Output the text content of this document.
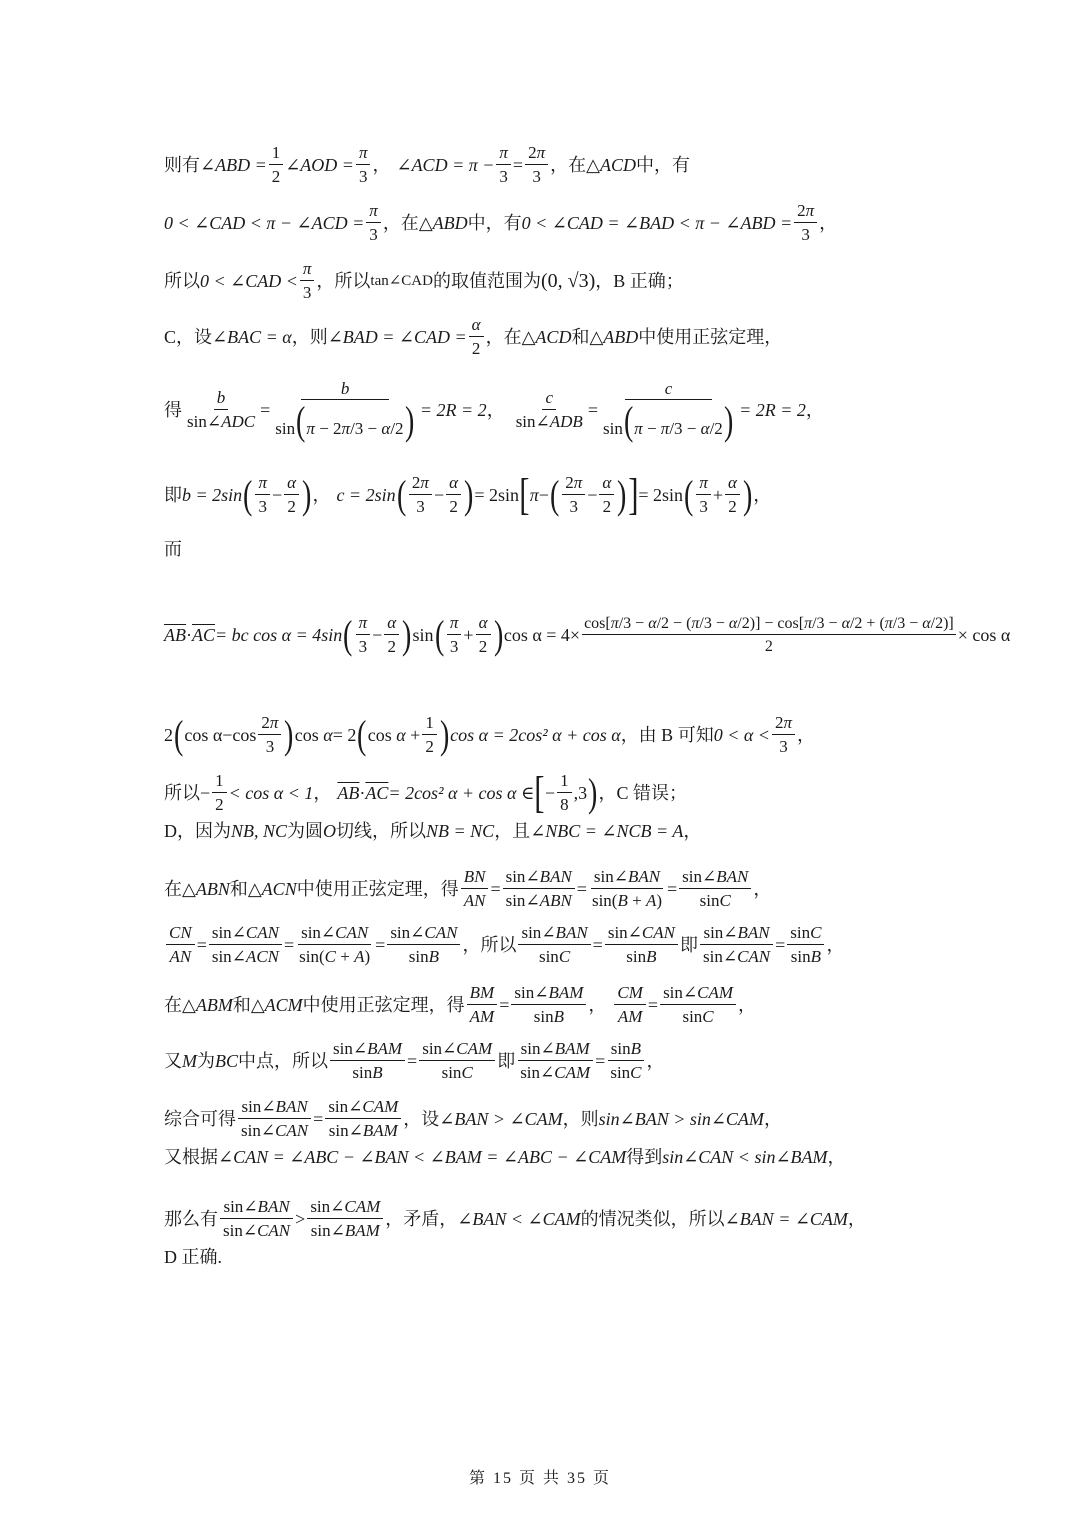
则有 ∠ABD = $\frac{1}{2}$ ∠AOD = $\frac{\pi}{3}$ ， ∠ACD = $\pi - \frac{\pi}{3} = \frac{2\pi}{3}$ ，在 △ACD 中，有
0 < ∠CAD < π − ∠ACD = $\frac{\pi}{3}$ ，在 △ABD 中，有 0 < ∠CAD = ∠BAD < π − ∠ABD = $\frac{2\pi}{3}$ ，
所以 0 < ∠CAD < $\frac{\pi}{3}$ ，所以 tan∠CAD 的取值范围为 (0, √3) ，B 正确；
C，设 ∠BAC = α ，则 ∠BAD = ∠CAD = $\frac{\alpha}{2}$ ，在 △ACD 和 △ABD 中使用正弦定理，
得 $\frac{b}{\text{sin∠ADC}} = \frac{b}{\sin(\pi - 2\pi/3 - \alpha/2)} = 2R = 2$ ， $\frac{c}{\text{sin∠ADB}} = \frac{c}{\sin(\pi - \pi/3 - \alpha/2)} = 2R = 2$ ，
即 b = 2sin ( $\frac{\pi}{3} - \frac{\alpha}{2}$ ) ， c = 2sin ( $\frac{2\pi}{3} - \frac{\alpha}{2}$ ) = 2sin [ π − ( $\frac{2\pi}{3} - \frac{\alpha}{2}$ ) ] = 2sin ( $\frac{\pi}{3} + \frac{\alpha}{2}$ ) ，
而
$\overline{AB} \cdot \overline{AC}$ = bc cos α = 4sin ( $\frac{\pi}{3} - \frac{\alpha}{2}$ ) sin ( $\frac{\pi}{3} + \frac{\alpha}{2}$ ) $\cos \alpha = 4\times \frac{\cos[\pi/3 - \alpha/2 - (\pi/3 - \alpha/2)] - \cos[\pi/3 - \alpha/2 + (\pi/3 - \alpha/2)]}{2} \times \cos \alpha$
2 ( $\cos \alpha -\cos \frac{2\pi}{3}$ ) cos α = 2 ( $\cos \alpha + \frac{1}{2}$ ) cos α = 2cos² α + cos α ，由 B 可知 $0 < \alpha < \frac{2\pi}{3}$ ，
所以 − $\frac{1}{2} < \cos \alpha < 1$ ， $\overline{AB} \cdot \overline{AC} = 2\cos^2$ α + cos α ∈ [ − $\frac{1}{8} ,3$ ) ，C 错误；
D，因为 NB, NC 为圆 O 切线，所以 NB = NC ，且 ∠NBC = ∠NCB = A ，
在 △ABN 和 △ACN 中使用正弦定理，得 $\frac{BN}{AN} = \frac{\text{sin∠BAN}}{\text{sin∠ABN}} = \frac{\text{sin∠BAN}}{\sin(B + A)} = \frac{\text{sin∠BAN}}{\sin C}$ ，
$\frac{CN}{AN} = \frac{\text{sin∠CAN}}{\text{sin∠ACN}} = \frac{\text{sin∠CAN}}{\sin(C + A)} = \frac{\text{sin∠CAN}}{\sin B}$ ，所以 $\frac{\text{sin∠BAN}}{\sin C} = \frac{\text{sin∠CAN}}{\sin B}$ 即 $\frac{\text{sin∠BAN}}{\text{sin∠CAN}} = \frac{\sin C}{\sin B}$ ，
在 △ABM 和 △ACM 中使用正弦定理，得 $\frac{BM}{AM} = \frac{\text{sin∠BAM}}{\sin B}$ ， $\frac{CM}{AM} = \frac{\text{sin∠CAM}}{\sin C}$ ，
又 M 为 BC 中点，所以 $\frac{\text{sin∠BAM}}{\sin B} = \frac{\text{sin∠CAM}}{\sin C}$ 即 $\frac{\text{sin∠BAM}}{\text{sin∠CAM}} = \frac{\sin B}{\sin C}$ ，
综合可得 $\frac{\text{sin∠BAN}}{\text{sin∠CAN}} = \frac{\text{sin∠CAM}}{\text{sin∠BAM}}$ ，设 ∠BAN > ∠CAM ，则 sin∠BAN > sin∠CAM ，
又根据 ∠CAN = ∠ABC − ∠BAN < ∠BAM = ∠ABC − ∠CAM 得到 sin∠CAN < sin∠BAM ，
那么有 $\frac{\text{sin∠BAN}}{\text{sin∠CAN}} > \frac{\text{sin∠CAM}}{\text{sin∠BAM}}$ ，矛盾， ∠BAN < ∠CAM 的情况类似，所以 ∠BAN = ∠CAM ，
D 正确.
第 15 页 共 35 页
